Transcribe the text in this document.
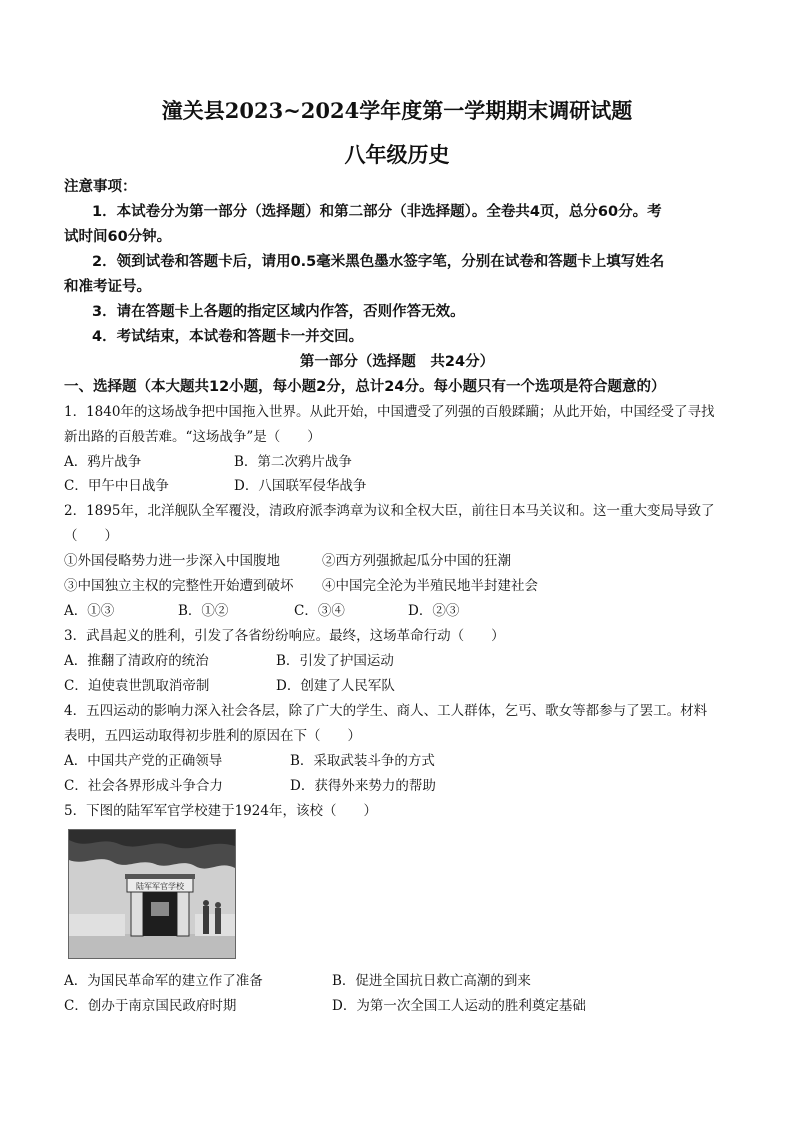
潼关县2023~2024学年度第一学期期末调研试题
八年级历史
注意事项：
1．本试卷分为第一部分（选择题）和第二部分（非选择题）。全卷共4页，总分60分。考
试时间60分钟。
2．领到试卷和答题卡后，请用0.5毫米黑色墨水签字笔，分别在试卷和答题卡上填写姓名
和准考证号。
3．请在答题卡上各题的指定区域内作答，否则作答无效。
4．考试结束，本试卷和答题卡一并交回。
第一部分（选择题　共24分）
一、选择题（本大题共12小题，每小题2分，总计24分。每小题只有一个选项是符合题意的）
1．1840年的这场战争把中国拖入世界。从此开始，中国遭受了列强的百般蹂躏；从此开始，中国经受了寻找
新出路的百般苦难。“这场战争”是（　　）
A．鸦片战争	B．第二次鸦片战争
C．甲午中日战争	D．八国联军侵华战争
2．1895年，北洋舰队全军覆没，清政府派李鸿章为议和全权大臣，前往日本马关议和。这一重大变局导致了
（　　）
①外国侵略势力进一步深入中国腹地	②西方列强掀起瓜分中国的狂潮
③中国独立主权的完整性开始遭到破坏 ④中国完全沦为半殖民地半封建社会
A．①③	B．①②	C．③④	D．②③
3．武昌起义的胜利，引发了各省纷纷响应。最终，这场革命行动（　　）
A．推翻了清政府的统治	B．引发了护国运动
C．迫使袁世凯取消帝制	D．创建了人民军队
4．五四运动的影响力深入社会各层，除了广大的学生、商人、工人群体，乞丐、歌女等都参与了罢工。材料
表明，五四运动取得初步胜利的原因在下（　　）
A．中国共产党的正确领导	B．采取武装斗争的方式
C．社会各界形成斗争合力	D．获得外来势力的帮助
5．下图的陆军军官学校建于1924年，该校（　　）
陆军军官学校
A．为国民革命军的建立作了准备	B．促进全国抗日救亡高潮的到来
C．创办于南京国民政府时期	D．为第一次全国工人运动的胜利奠定基础
